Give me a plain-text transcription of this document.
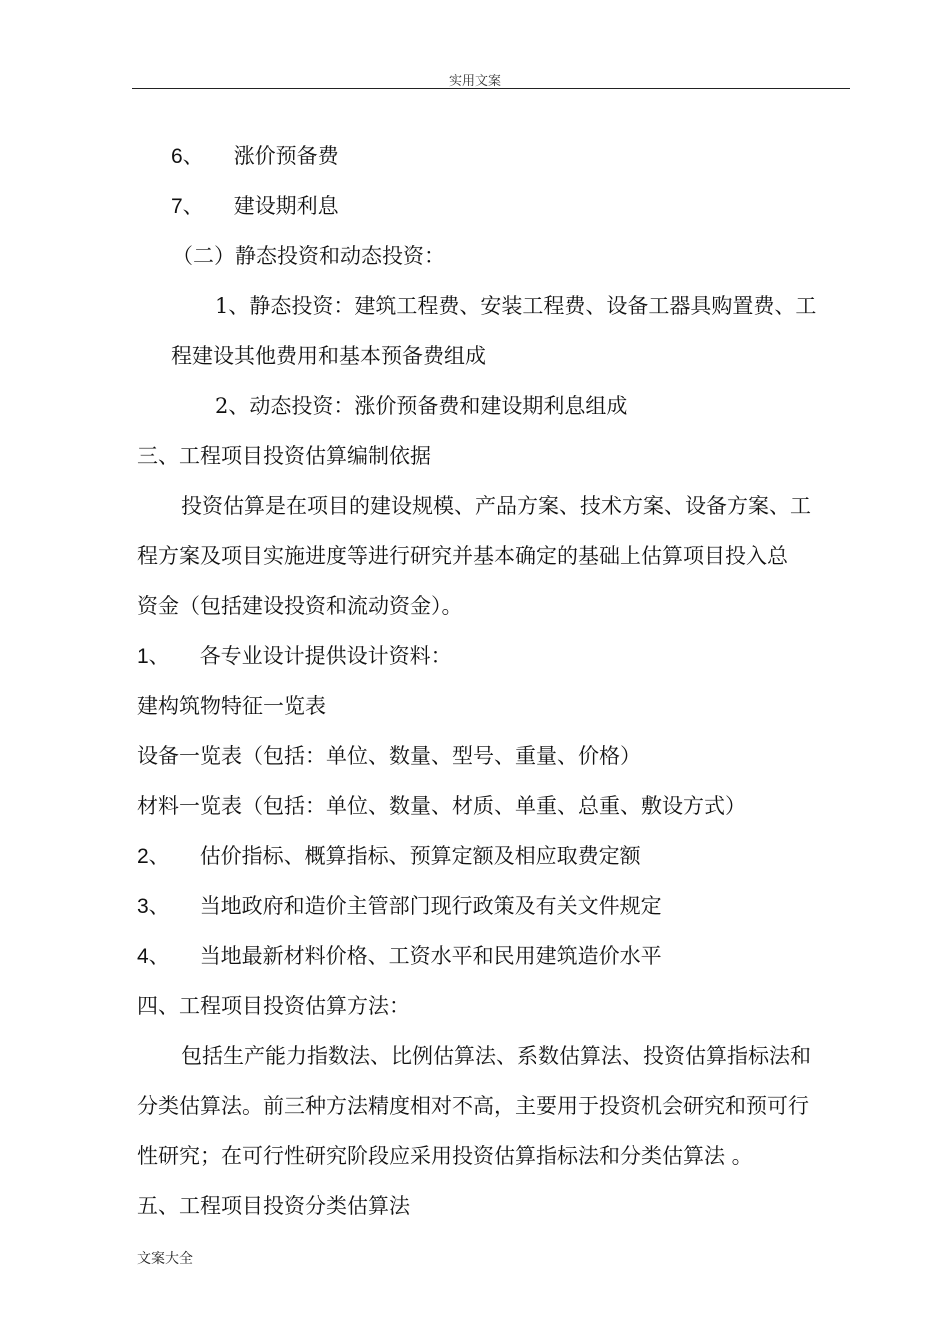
实用文案
6、 涨价预备费
7、 建设期利息
（二）静态投资和动态投资：
1、静态投资：建筑工程费、安装工程费、设备工器具购置费、工
程建设其他费用和基本预备费组成
2、动态投资：涨价预备费和建设期利息组成
三、工程项目投资估算编制依据
投资估算是在项目的建设规模、产品方案、技术方案、设备方案、工
程方案及项目实施进度等进行研究并基本确定的基础上估算项目投入总
资金（包括建设投资和流动资金）。
1、 各专业设计提供设计资料：
建构筑物特征一览表
设备一览表（包括：单位、数量、型号、重量、价格）
材料一览表（包括：单位、数量、材质、单重、总重、敷设方式）
2、 估价指标、概算指标、预算定额及相应取费定额
3、 当地政府和造价主管部门现行政策及有关文件规定
4、 当地最新材料价格、工资水平和民用建筑造价水平
四、工程项目投资估算方法：
包括生产能力指数法、比例估算法、系数估算法、投资估算指标法和
分类估算法。前三种方法精度相对不高，主要用于投资机会研究和预可行
性研究；在可行性研究阶段应采用投资估算指标法和分类估算法 。
五、工程项目投资分类估算法
文案大全
